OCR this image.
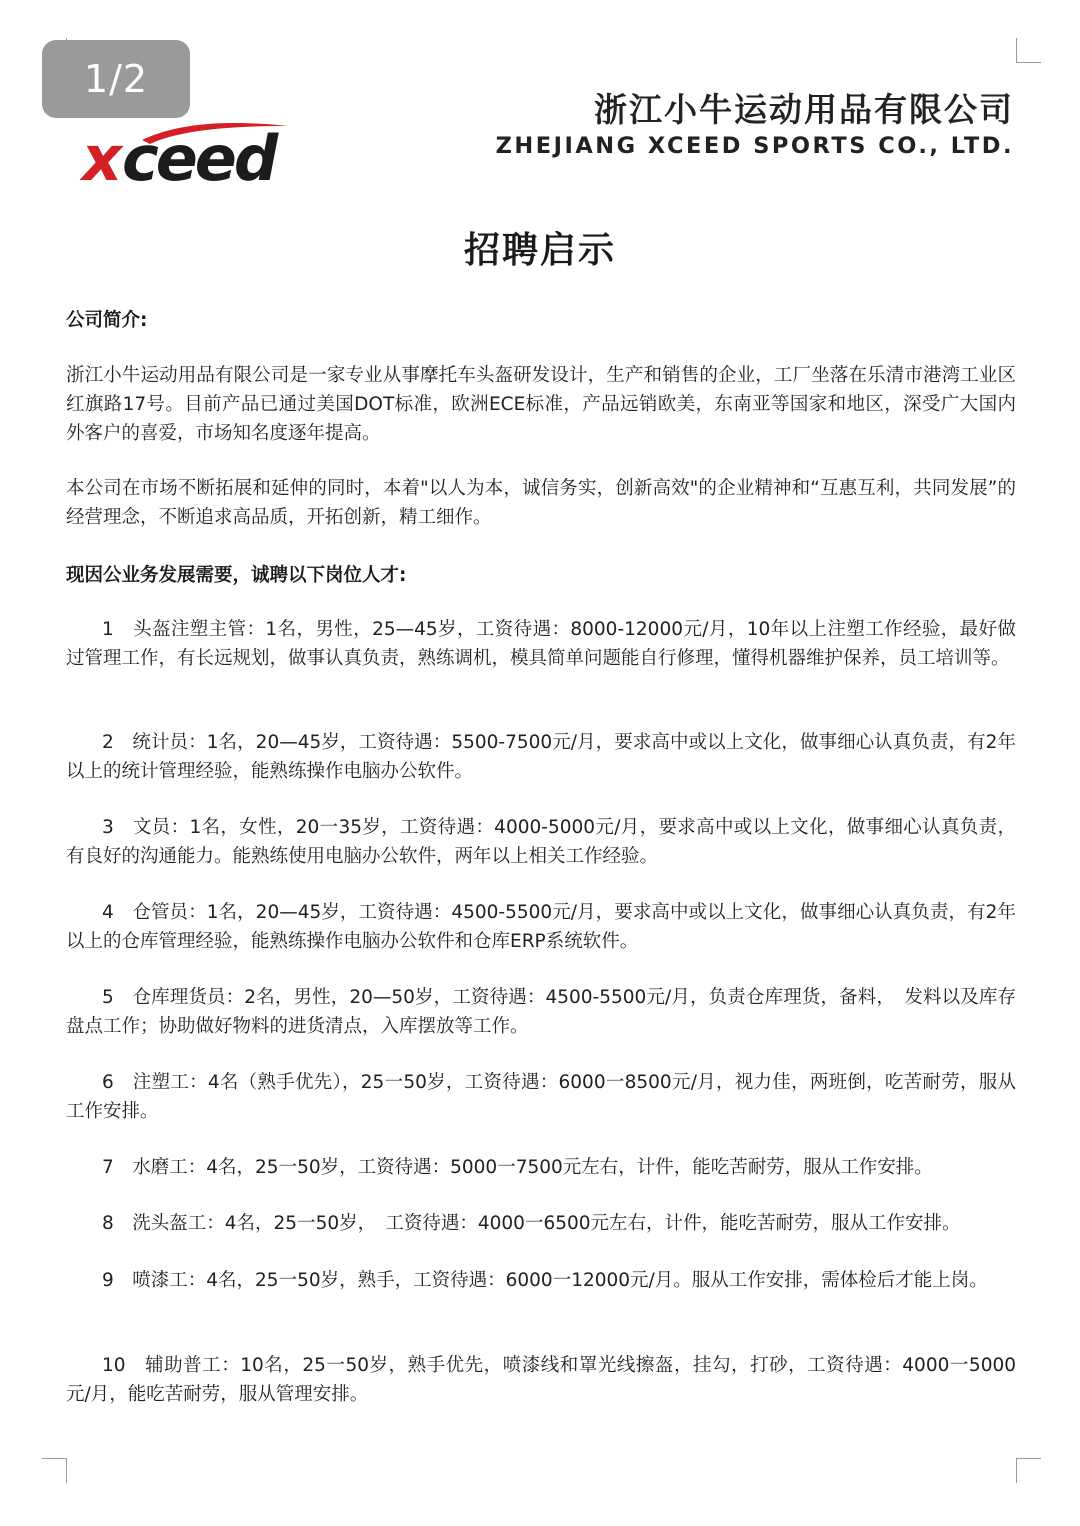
1/2
x ceed
浙江小牛运动用品有限公司
ZHEJIANG XCEED SPORTS CO., LTD.
招聘启示
公司简介:
浙江小牛运动用品有限公司是一家专业从事摩托车头盔研发设计，生产和销售的企业，工厂坐落在乐清市港湾工业区红旗路17号。目前产品已通过美国DOT标准，欧洲ECE标准，产品远销欧美，东南亚等国家和地区，深受广大国内外客户的喜爱，市场知名度逐年提高。
本公司在市场不断拓展和延伸的同时，本着"以人为本，诚信务实，创新高效"的企业精神和“互惠互利，共同发展”的经营理念，不断追求高品质，开拓创新，精工细作。
现因公业务发展需要，诚聘以下岗位人才:
1　头盔注塑主管：1名，男性，25—45岁，工资待遇：8000-12000元/月，10年以上注塑工作经验，最好做过管理工作，有长远规划，做事认真负责，熟练调机，模具简单问题能自行修理，懂得机器维护保养，员工培训等。
2　统计员：1名，20—45岁，工资待遇：5500-7500元/月，要求高中或以上文化，做事细心认真负责，有2年以上的统计管理经验，能熟练操作电脑办公软件。
3　文员：1名，女性，20一35岁，工资待遇：4000-5000元/月，要求高中或以上文化，做事细心认真负责，有良好的沟通能力。能熟练使用电脑办公软件，两年以上相关工作经验。
4　仓管员：1名，20—45岁，工资待遇：4500-5500元/月，要求高中或以上文化，做事细心认真负责，有2年以上的仓库管理经验，能熟练操作电脑办公软件和仓库ERP系统软件。
5　仓库理货员：2名，男性，20—50岁，工资待遇：4500-5500元/月，负责仓库理货，备料，　发料以及库存盘点工作；协助做好物料的进货清点，入库摆放等工作。
6　注塑工：4名（熟手优先），25一50岁，工资待遇：6000一8500元/月，视力佳，两班倒，吃苦耐劳，服从工作安排。
7　水磨工：4名，25一50岁，工资待遇：5000一7500元左右，计件，能吃苦耐劳，服从工作安排。
8　洗头盔工：4名，25一50岁，　工资待遇：4000一6500元左右，计件，能吃苦耐劳，服从工作安排。
9　喷漆工：4名，25一50岁，熟手，工资待遇：6000一12000元/月。服从工作安排，需体检后才能上岗。
10　辅助普工：10名，25一50岁，熟手优先，喷漆线和罩光线擦盔，挂勾，打砂，工资待遇：4000一5000元/月，能吃苦耐劳，服从管理安排。
